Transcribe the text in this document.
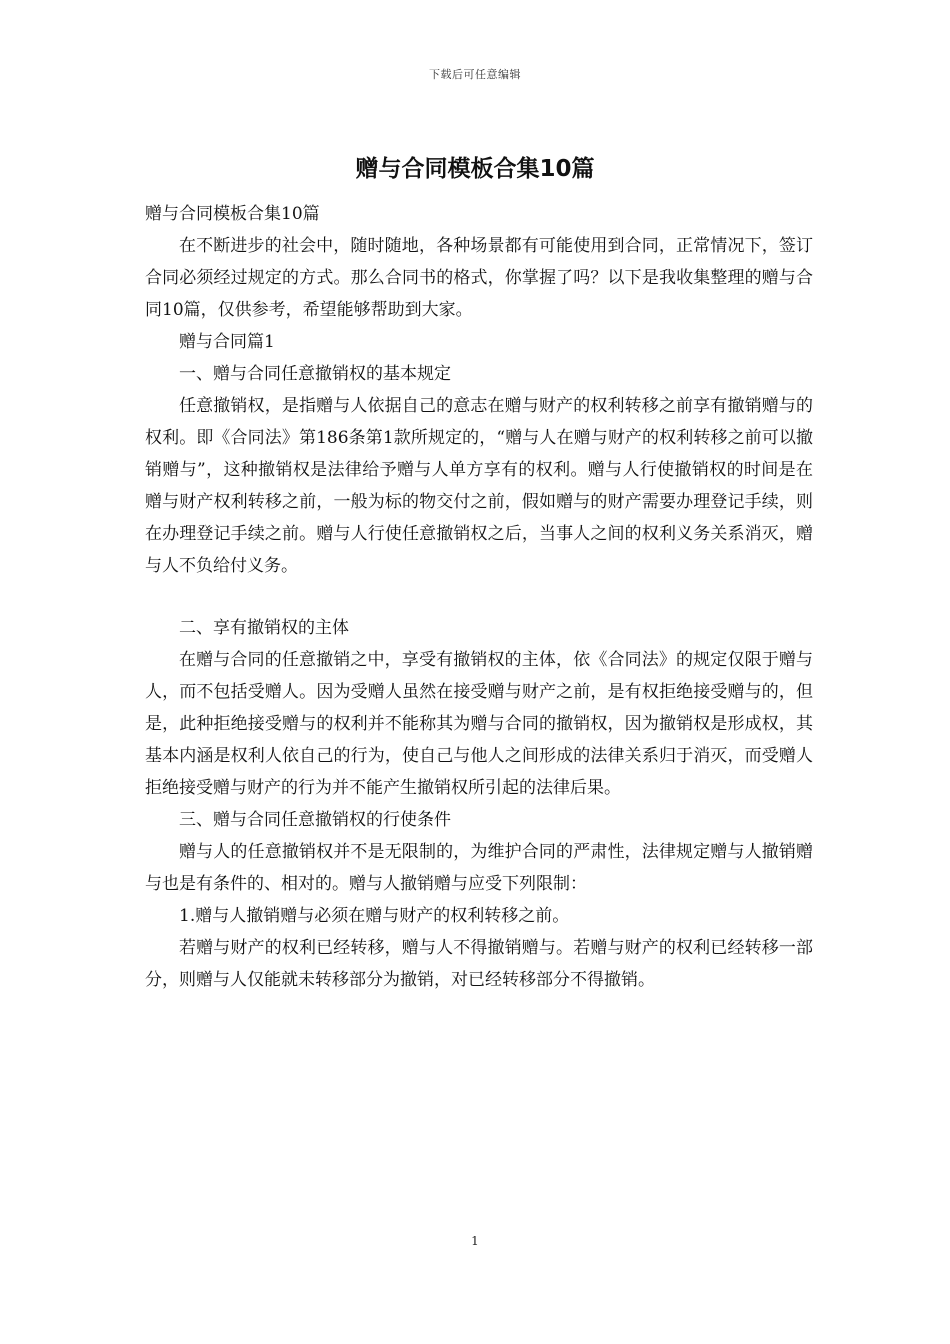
下载后可任意编辑
赠与合同模板合集10篇

赠与合同模板合集10篇

在不断进步的社会中，随时随地，各种场景都有可能使用到合同，正常情况下，签订合同必须经过规定的方式。那么合同书的格式，你掌握了吗？以下是我收集整理的赠与合同10篇，仅供参考，希望能够帮助到大家。

赠与合同篇1

一、赠与合同任意撤销权的基本规定

任意撤销权，是指赠与人依据自己的意志在赠与财产的权利转移之前享有撤销赠与的权利。即《合同法》第186条第1款所规定的，“赠与人在赠与财产的权利转移之前可以撤销赠与”，这种撤销权是法律给予赠与人单方享有的权利。赠与人行使撤销权的时间是在赠与财产权利转移之前，一般为标的物交付之前，假如赠与的财产需要办理登记手续，则在办理登记手续之前。赠与人行使任意撤销权之后，当事人之间的权利义务关系消灭，赠与人不负给付义务。

二、享有撤销权的主体

在赠与合同的任意撤销之中，享受有撤销权的主体，依《合同法》的规定仅限于赠与人，而不包括受赠人。因为受赠人虽然在接受赠与财产之前，是有权拒绝接受赠与的，但是，此种拒绝接受赠与的权利并不能称其为赠与合同的撤销权，因为撤销权是形成权，其基本内涵是权利人依自己的行为，使自己与他人之间形成的法律关系归于消灭，而受赠人拒绝接受赠与财产的行为并不能产生撤销权所引起的法律后果。

三、赠与合同任意撤销权的行使条件

赠与人的任意撤销权并不是无限制的，为维护合同的严肃性，法律规定赠与人撤销赠与也是有条件的、相对的。赠与人撤销赠与应受下列限制：

1.赠与人撤销赠与必须在赠与财产的权利转移之前。

若赠与财产的权利已经转移，赠与人不得撤销赠与。若赠与财产的权利已经转移一部分，则赠与人仅能就未转移部分为撤销，对已经转移部分不得撤销。

1
